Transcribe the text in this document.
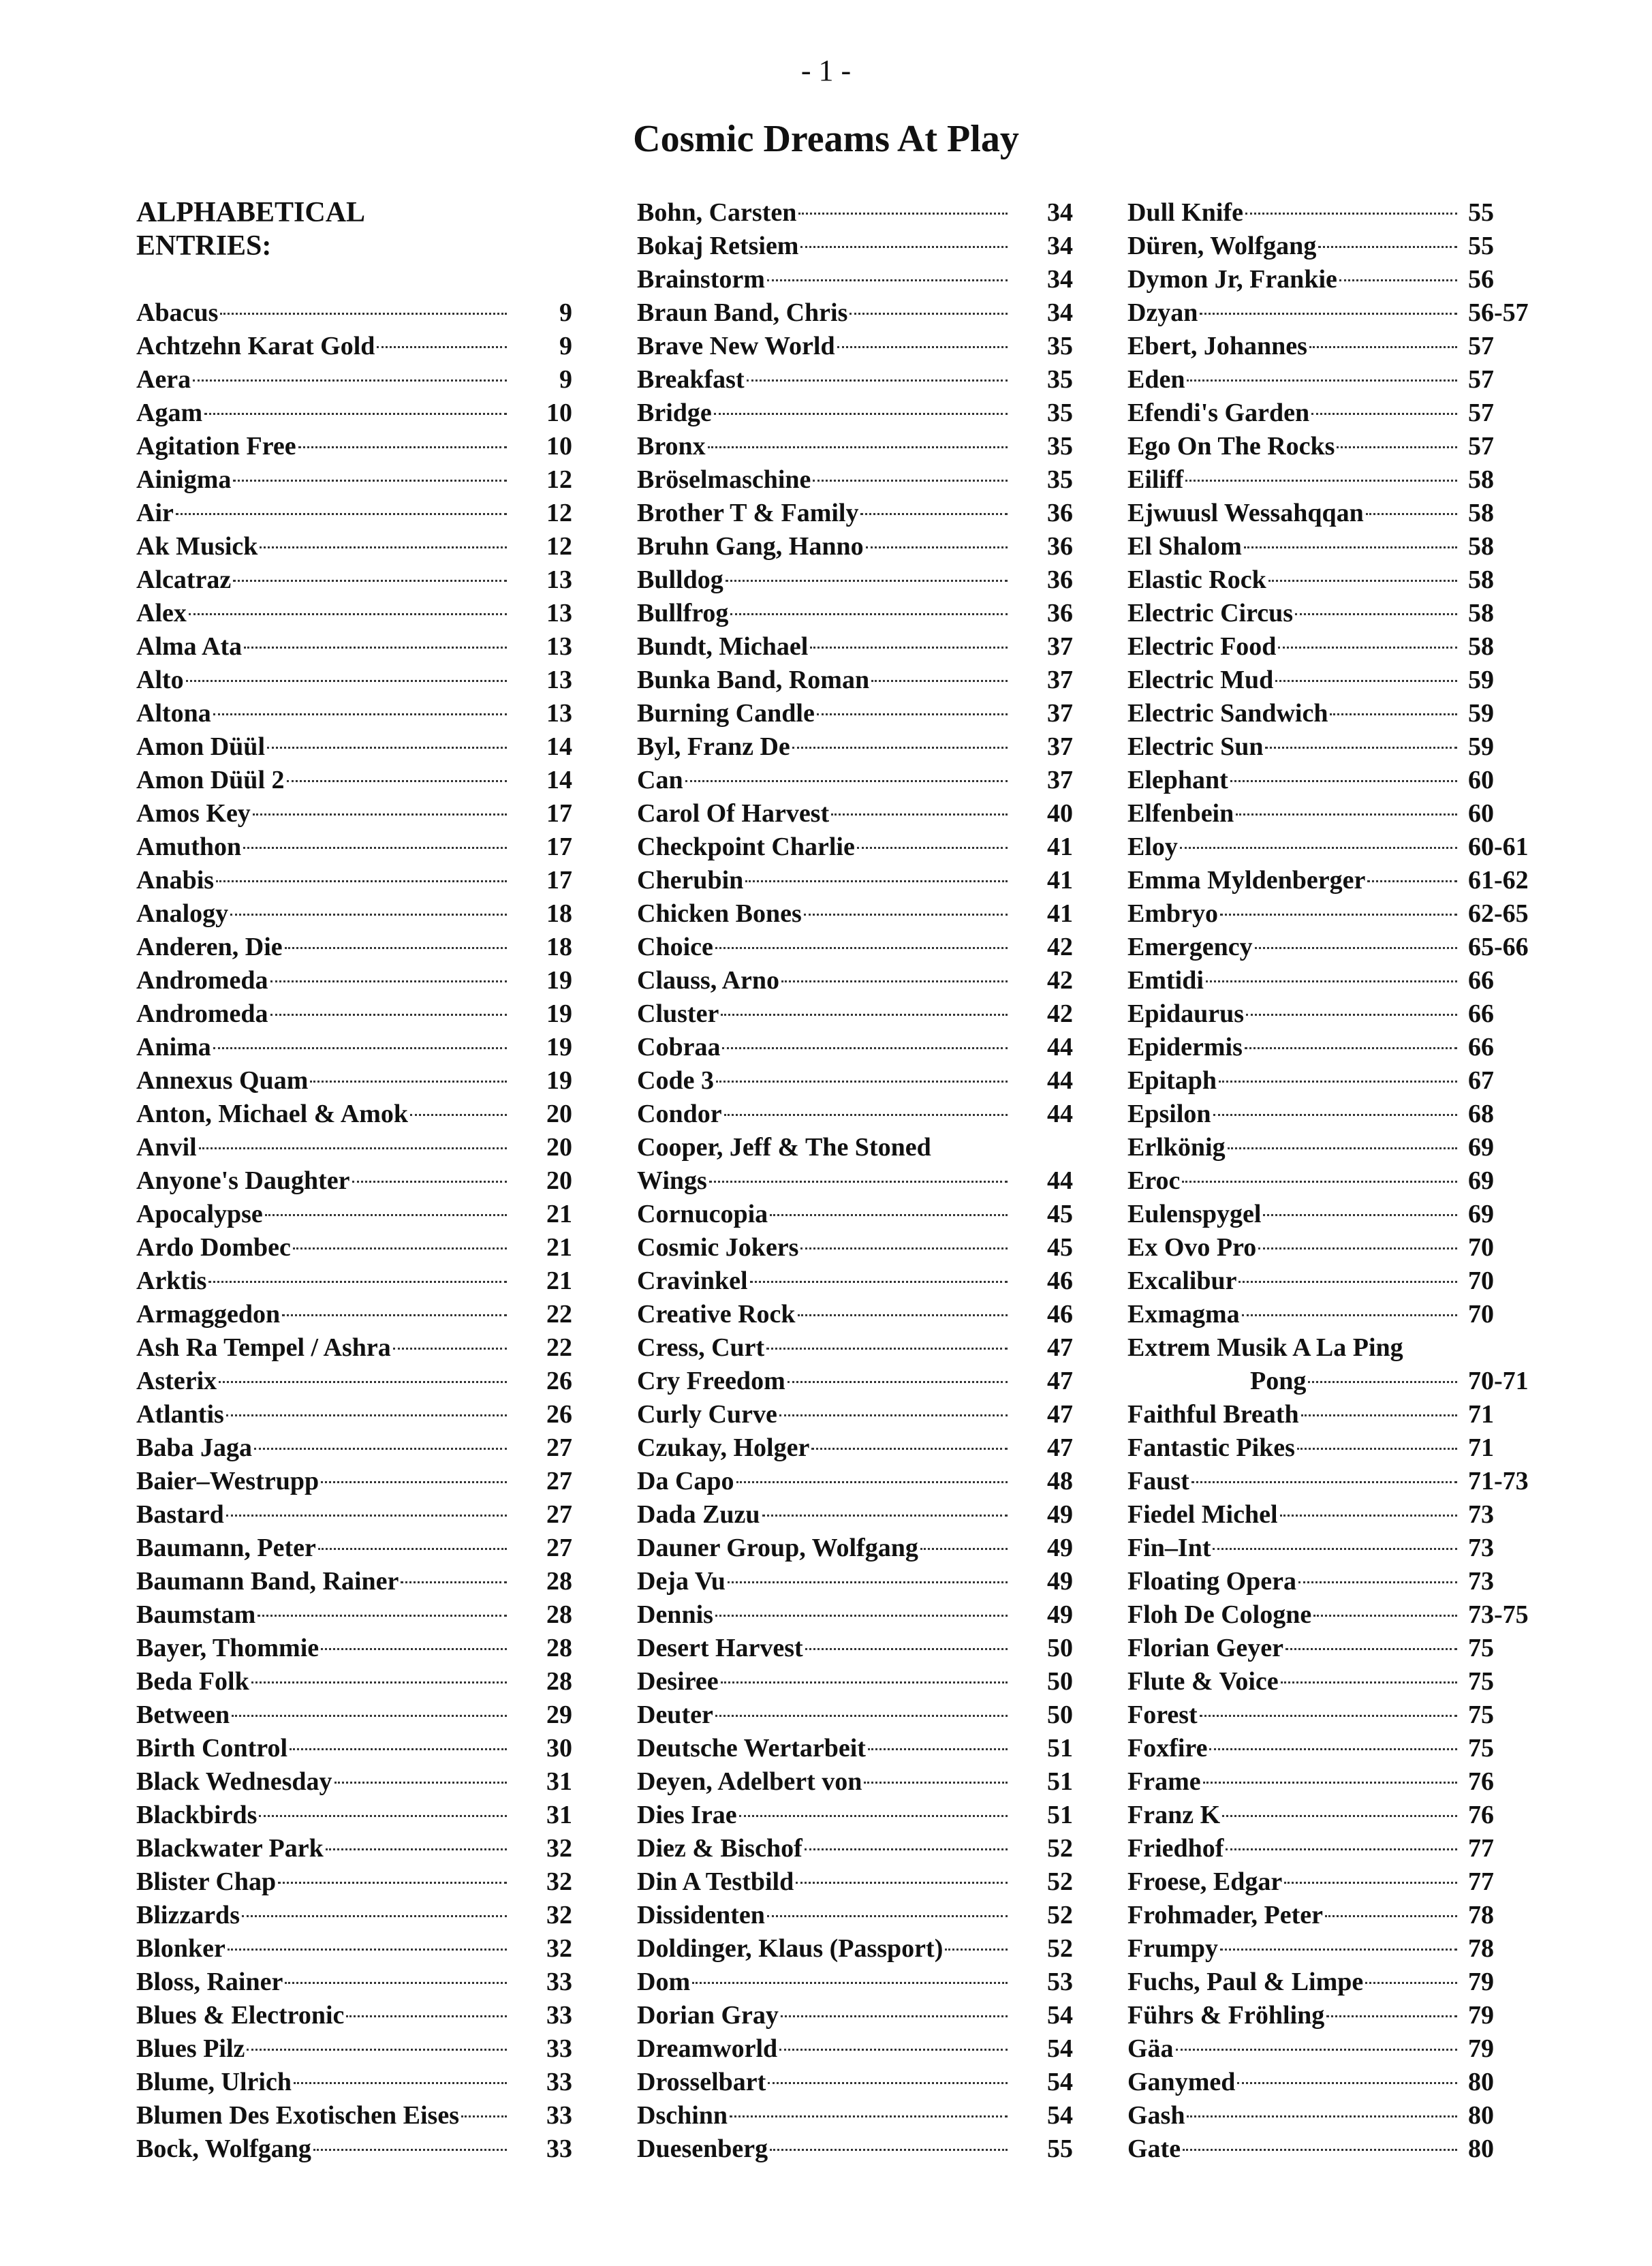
- 1 -
Cosmic Dreams At Play
ALPHABETICAL
ENTRIES:
Abacus	9
Achtzehn Karat Gold	9
Aera	9
Agam	10
Agitation Free	10
Ainigma	12
Air	12
Ak Musick	12
Alcatraz	13
Alex	13
Alma Ata	13
Alto	13
Altona	13
Amon Düül	14
Amon Düül 2	14
Amos Key	17
Amuthon	17
Anabis	17
Analogy	18
Anderen, Die	18
Andromeda	19
Andromeda	19
Anima	19
Annexus Quam	19
Anton, Michael & Amok	20
Anvil	20
Anyone's Daughter	20
Apocalypse	21
Ardo Dombec	21
Arktis	21
Armaggedon	22
Ash Ra Tempel / Ashra	22
Asterix	26
Atlantis	26
Baba Jaga	27
Baier–Westrupp	27
Bastard	27
Baumann, Peter	27
Baumann Band, Rainer	28
Baumstam	28
Bayer, Thommie	28
Beda Folk	28
Between	29
Birth Control	30
Black Wednesday	31
Blackbirds	31
Blackwater Park	32
Blister Chap	32
Blizzards	32
Blonker	32
Bloss, Rainer	33
Blues & Electronic	33
Blues Pilz	33
Blume, Ulrich	33
Blumen Des Exotischen Eises	33
Bock, Wolfgang	33
Bohn, Carsten	34
Bokaj Retsiem	34
Brainstorm	34
Braun Band, Chris	34
Brave New World	35
Breakfast	35
Bridge	35
Bronx	35
Bröselmaschine	35
Brother T & Family	36
Bruhn Gang, Hanno	36
Bulldog	36
Bullfrog	36
Bundt, Michael	37
Bunka Band, Roman	37
Burning Candle	37
Byl, Franz De	37
Can	37
Carol Of Harvest	40
Checkpoint Charlie	41
Cherubin	41
Chicken Bones	41
Choice	42
Clauss, Arno	42
Cluster	42
Cobraa	44
Code 3	44
Condor	44
Cooper, Jeff & The Stoned
Wings	44
Cornucopia	45
Cosmic Jokers	45
Cravinkel	46
Creative Rock	46
Cress, Curt	47
Cry Freedom	47
Curly Curve	47
Czukay, Holger	47
Da Capo	48
Dada Zuzu	49
Dauner Group, Wolfgang	49
Deja Vu	49
Dennis	49
Desert Harvest	50
Desiree	50
Deuter	50
Deutsche Wertarbeit	51
Deyen, Adelbert von	51
Dies Irae	51
Diez & Bischof	52
Din A Testbild	52
Dissidenten	52
Doldinger, Klaus (Passport)	52
Dom	53
Dorian Gray	54
Dreamworld	54
Drosselbart	54
Dschinn	54
Duesenberg	55
Dull Knife	55
Düren, Wolfgang	55
Dymon Jr, Frankie	56
Dzyan	56-57
Ebert, Johannes	57
Eden	57
Efendi's Garden	57
Ego On The Rocks	57
Eiliff	58
Ejwuusl Wessahqqan	58
El Shalom	58
Elastic Rock	58
Electric Circus	58
Electric Food	58
Electric Mud	59
Electric Sandwich	59
Electric Sun	59
Elephant	60
Elfenbein	60
Eloy	60-61
Emma Myldenberger	61-62
Embryo	62-65
Emergency	65-66
Emtidi	66
Epidaurus	66
Epidermis	66
Epitaph	67
Epsilon	68
Erlkönig	69
Eroc	69
Eulenspygel	69
Ex Ovo Pro	70
Excalibur	70
Exmagma	70
Extrem Musik A La Ping
Pong	70-71
Faithful Breath	71
Fantastic Pikes	71
Faust	71-73
Fiedel Michel	73
Fin–Int	73
Floating Opera	73
Floh De Cologne	73-75
Florian Geyer	75
Flute & Voice	75
Forest	75
Foxfire	75
Frame	76
Franz K	76
Friedhof	77
Froese, Edgar	77
Frohmader, Peter	78
Frumpy	78
Fuchs, Paul & Limpe	79
Führs & Fröhling	79
Gäa	79
Ganymed	80
Gash	80
Gate	80
